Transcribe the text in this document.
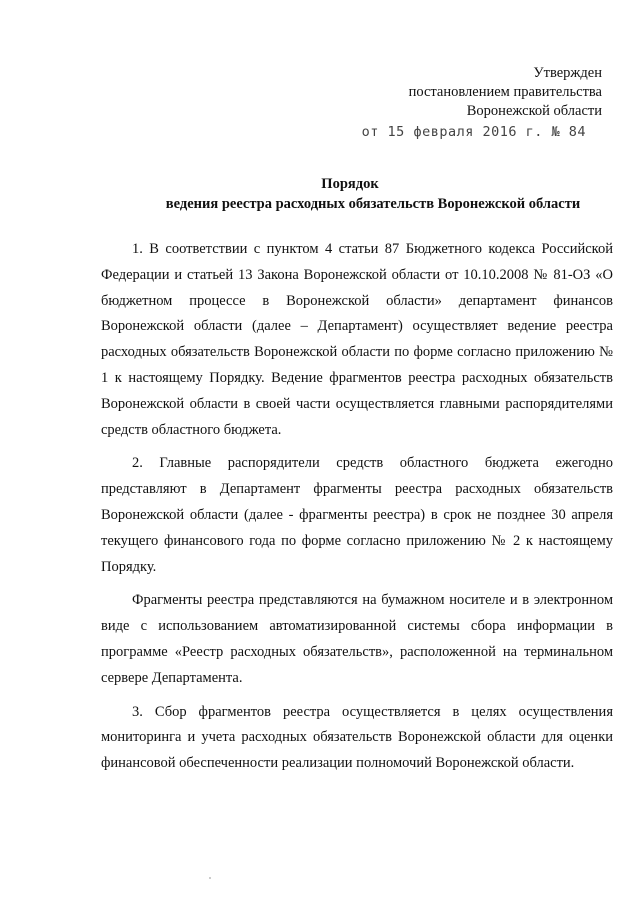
Утвержден
постановлением правительства
Воронежской области
от 15 февраля 2016 г. № 84
Порядок
ведения реестра расходных обязательств Воронежской области

1. В соответствии с пунктом 4 статьи 87 Бюджетного кодекса Российской Федерации и статьей 13 Закона Воронежской области от 10.10.2008 № 81-ОЗ «О бюджетном процессе в Воронежской области» департамент финансов Воронежской области (далее – Департамент) осуществляет ведение реестра расходных обязательств Воронежской области по форме согласно приложению № 1 к настоящему Порядку. Ведение фрагментов реестра расходных обязательств Воронежской области в своей части осуществляется главными распорядителями средств областного бюджета.

2. Главные распорядители средств областного бюджета ежегодно представляют в Департамент фрагменты реестра расходных обязательств Воронежской области (далее - фрагменты реестра) в срок не позднее 30 апреля текущего финансового года по форме согласно приложению № 2 к настоящему Порядку.

Фрагменты реестра представляются на бумажном носителе и в электронном виде с использованием автоматизированной системы сбора информации в программе «Реестр расходных обязательств», расположенной на терминальном сервере Департамента.

3. Сбор фрагментов реестра осуществляется в целях осуществления мониторинга и учета расходных обязательств Воронежской области для оценки финансовой обеспеченности реализации полномочий Воронежской области.
